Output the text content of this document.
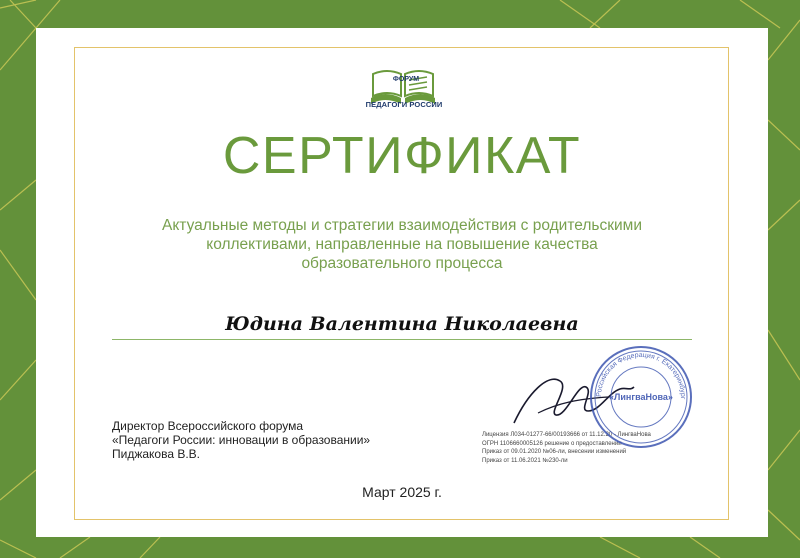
ФОРУМ
ПЕДАГОГИ РОССИИ
СЕРТИФИКАТ
Актуальные методы и стратегии взаимодействия с родительскими
коллективами, направленные на повышение качества
образовательного процесса
Юдина Валентина Николаевна
Директор Всероссийского форума
«Педагоги России: инновации в образовании»
Пиджакова В.В.
Лицензия Л034-01277-66/00193666 от 11.12.20 - ЛингваНова
ОГРН 1106660005126 решение о предоставлении
Приказ от 09.01.2020 №06-ли, внесении изменений
Приказ от 11.06.2021 №230-ли
Российская Федерация г. Екатеринбург
«ЛингваНова»
Март 2025 г.
